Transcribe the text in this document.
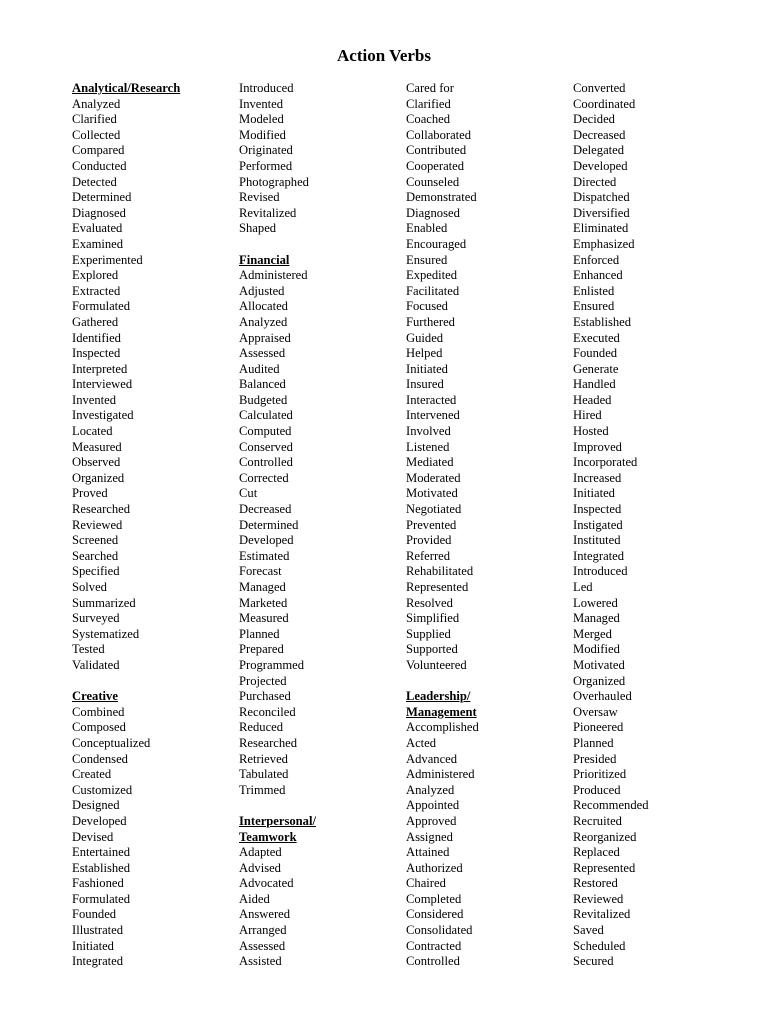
Action Verbs
Analytical/Research
Analyzed
Clarified
Collected
Compared
Conducted
Detected
Determined
Diagnosed
Evaluated
Examined
Experimented
Explored
Extracted
Formulated
Gathered
Identified
Inspected
Interpreted
Interviewed
Invented
Investigated
Located
Measured
Observed
Organized
Proved
Researched
Reviewed
Screened
Searched
Specified
Solved
Summarized
Surveyed
Systematized
Tested
Validated
Creative
Combined
Composed
Conceptualized
Condensed
Created
Customized
Designed
Developed
Devised
Entertained
Established
Fashioned
Formulated
Founded
Illustrated
Initiated
Integrated
Introduced
Invented
Modeled
Modified
Originated
Performed
Photographed
Revised
Revitalized
Shaped
Financial
Administered
Adjusted
Allocated
Analyzed
Appraised
Assessed
Audited
Balanced
Budgeted
Calculated
Computed
Conserved
Controlled
Corrected
Cut
Decreased
Determined
Developed
Estimated
Forecast
Managed
Marketed
Measured
Planned
Prepared
Programmed
Projected
Purchased
Reconciled
Reduced
Researched
Retrieved
Tabulated
Trimmed
Interpersonal/
Teamwork
Adapted
Advised
Advocated
Aided
Answered
Arranged
Assessed
Assisted
Cared for
Clarified
Coached
Collaborated
Contributed
Cooperated
Counseled
Demonstrated
Diagnosed
Enabled
Encouraged
Ensured
Expedited
Facilitated
Focused
Furthered
Guided
Helped
Initiated
Insured
Interacted
Intervened
Involved
Listened
Mediated
Moderated
Motivated
Negotiated
Prevented
Provided
Referred
Rehabilitated
Represented
Resolved
Simplified
Supplied
Supported
Volunteered
Leadership/
Management
Accomplished
Acted
Advanced
Administered
Analyzed
Appointed
Approved
Assigned
Attained
Authorized
Chaired
Completed
Considered
Consolidated
Contracted
Controlled
Converted
Coordinated
Decided
Decreased
Delegated
Developed
Directed
Dispatched
Diversified
Eliminated
Emphasized
Enforced
Enhanced
Enlisted
Ensured
Established
Executed
Founded
Generate
Handled
Headed
Hired
Hosted
Improved
Incorporated
Increased
Initiated
Inspected
Instigated
Instituted
Integrated
Introduced
Led
Lowered
Managed
Merged
Modified
Motivated
Organized
Overhauled
Oversaw
Pioneered
Planned
Presided
Prioritized
Produced
Recommended
Recruited
Reorganized
Replaced
Represented
Restored
Reviewed
Revitalized
Saved
Scheduled
Secured
